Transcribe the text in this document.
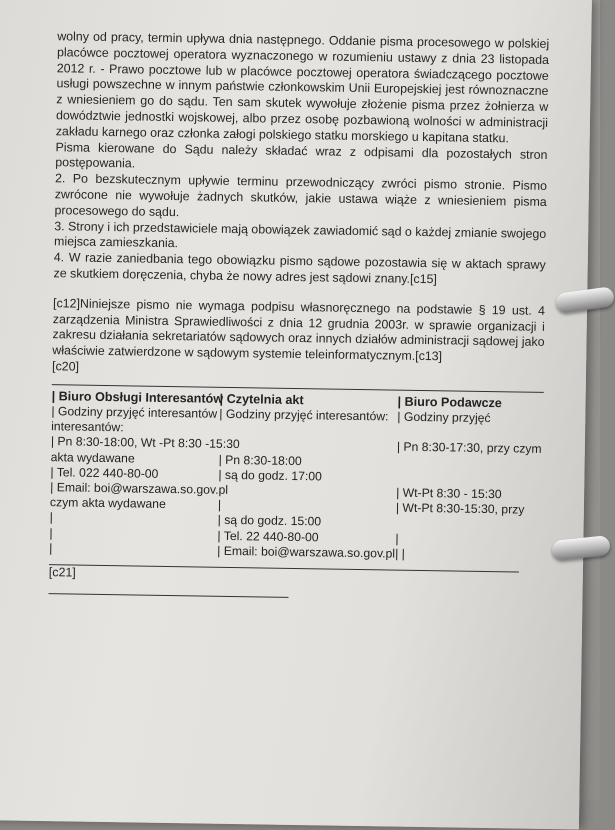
wolny od pracy, termin upływa dnia następnego. Oddanie pisma procesowego w polskiej placówce pocztowej operatora wyznaczonego w rozumieniu ustawy z dnia 23 listopada 2012 r. - Prawo pocztowe lub w placówce pocztowej operatora świadczącego pocztowe usługi powszechne w innym państwie członkowskim Unii Europejskiej jest równoznaczne z wniesieniem go do sądu. Ten sam skutek wywołuje złożenie pisma przez żołnierza w dowództwie jednostki wojskowej, albo przez osobę pozbawioną wolności w administracji zakładu karnego oraz członka załogi polskiego statku morskiego u kapitana statku.

Pisma kierowane do Sądu należy składać wraz z odpisami dla pozostałych stron postępowania.

2. Po bezskutecznym upływie terminu przewodniczący zwróci pismo stronie. Pismo zwrócone nie wywołuje żadnych skutków, jakie ustawa wiąże z wniesieniem pisma procesowego do sądu.

3. Strony i ich przedstawiciele mają obowiązek zawiadomić sąd o każdej zmianie swojego miejsca zamieszkania.

4. W razie zaniedbania tego obowiązku pismo sądowe pozostawia się w aktach sprawy ze skutkiem doręczenia, chyba że nowy adres jest sądowi znany.[c15]

[c12]Niniejsze pismo nie wymaga podpisu własnoręcznego na podstawie § 19 ust. 4 zarządzenia Ministra Sprawiedliwości z dnia 12 grudnia 2003r. w sprawie organizacji i zakresu działania sekretariatów sądowych oraz innych działów administracji sądowej jako właściwie zatwierdzone w sądowym systemie teleinformatycznym.[c13]

[c20]

| Biuro Obsługi Interesantów
| Godziny przyjęć interesantów
interesantów:
| Pn 8:30-18:00, Wt -Pt 8:30 -15:30
akta wydawane
| Tel. 022 440-80-00
| Email: boi@warszawa.so.gov.pl
czym akta wydawane
|
|
|
| Czytelnia akt
| Godziny przyjęć interesantów:

| Pn 8:30-18:00
| są do godz. 17:00

|
| są do godz. 15:00
| Tel. 22 440-80-00
| Email: boi@warszawa.so.gov.pl
| Biuro Podawcze
| Godziny przyjęć

| Pn 8:30-17:30, przy czym

| Wt-Pt 8:30 - 15:30
| Wt-Pt 8:30-15:30, przy

|
| |

[c21]
